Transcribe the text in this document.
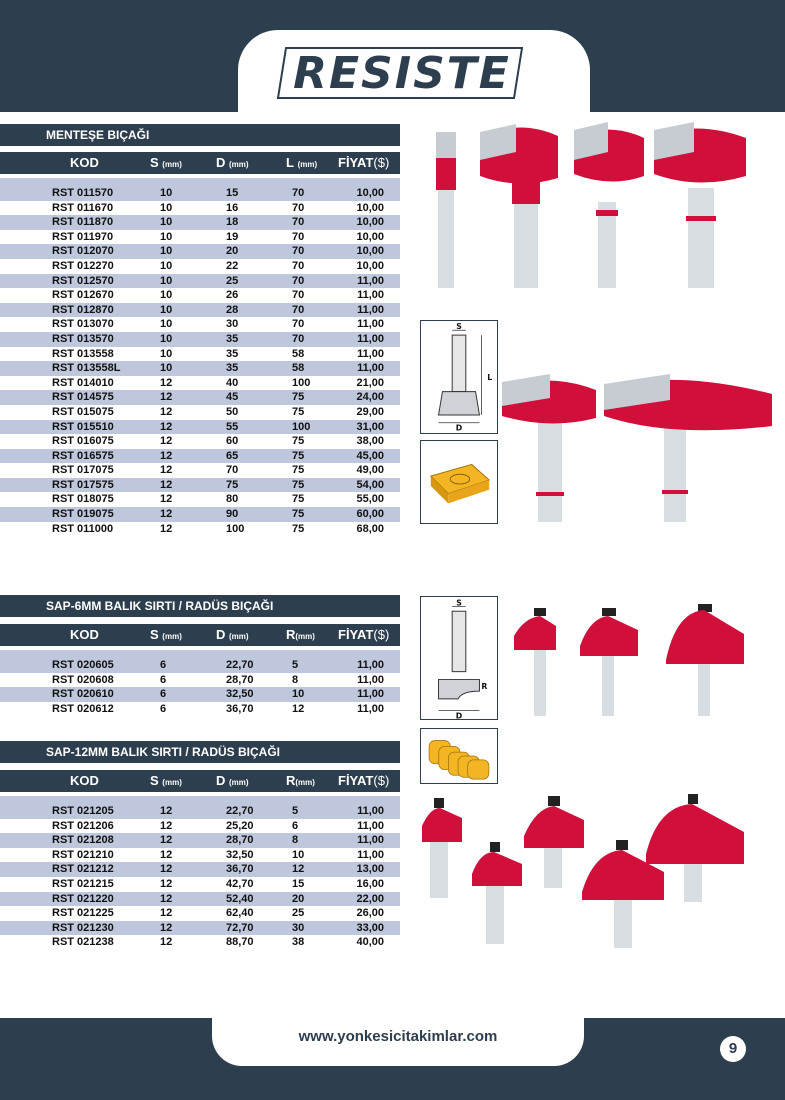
RESISTE
MENTEŞE BIÇAĞI
KOD	S (mm)	D (mm)	L (mm) FİYAT($)
RST 011570	10	15	70	10,00
RST 011670	10	16	70	10,00
RST 011870	10	18	70	10,00
RST 011970	10	19	70	10,00
RST 012070	10	20	70	10,00
RST 012270	10	22	70	10,00
RST 012570	10	25	70	11,00
RST 012670	10	26	70	11,00
RST 012870	10	28	70	11,00
RST 013070	10	30	70	11,00
RST 013570	10	35	70	11,00
RST 013558	10	35	58	11,00
RST 013558L	10	35	58	11,00
RST 014010	12	40	100	21,00
RST 014575	12	45	75	24,00
RST 015075	12	50	75	29,00
RST 015510	12	55	100	31,00
RST 016075	12	60	75	38,00
RST 016575	12	65	75	45,00
RST 017075	12	70	75	49,00
RST 017575	12	75	75	54,00
RST 018075	12	80	75	55,00
RST 019075	12	90	75	60,00
RST 011000	12	100	75	68,00
SAP-6MM BALIK SIRTI / RADÜS BIÇAĞI
KOD	S (mm)	D (mm)	R(mm) FİYAT($)
RST 020605	6	22,70	5	11,00
RST 020608	6	28,70	8	11,00
RST 020610	6	32,50	10	11,00
RST 020612	6	36,70	12	11,00
SAP-12MM BALIK SIRTI / RADÜS BIÇAĞI
KOD	S (mm)	D (mm)	R(mm) FİYAT($)
RST 021205	12	22,70	5	11,00
RST 021206	12	25,20	6	11,00
RST 021208	12	28,70	8	11,00
RST 021210	12	32,50	10	11,00
RST 021212	12	36,70	12	13,00
RST 021215	12	42,70	15	16,00
RST 021220	12	52,40	20	22,00
RST 021225	12	62,40	25	26,00
RST 021230	12	72,70	30	33,00
RST 021238	12	88,70	38	40,00
S
L
D
S
R
D
www.yonkesicitakimlar.com
9
